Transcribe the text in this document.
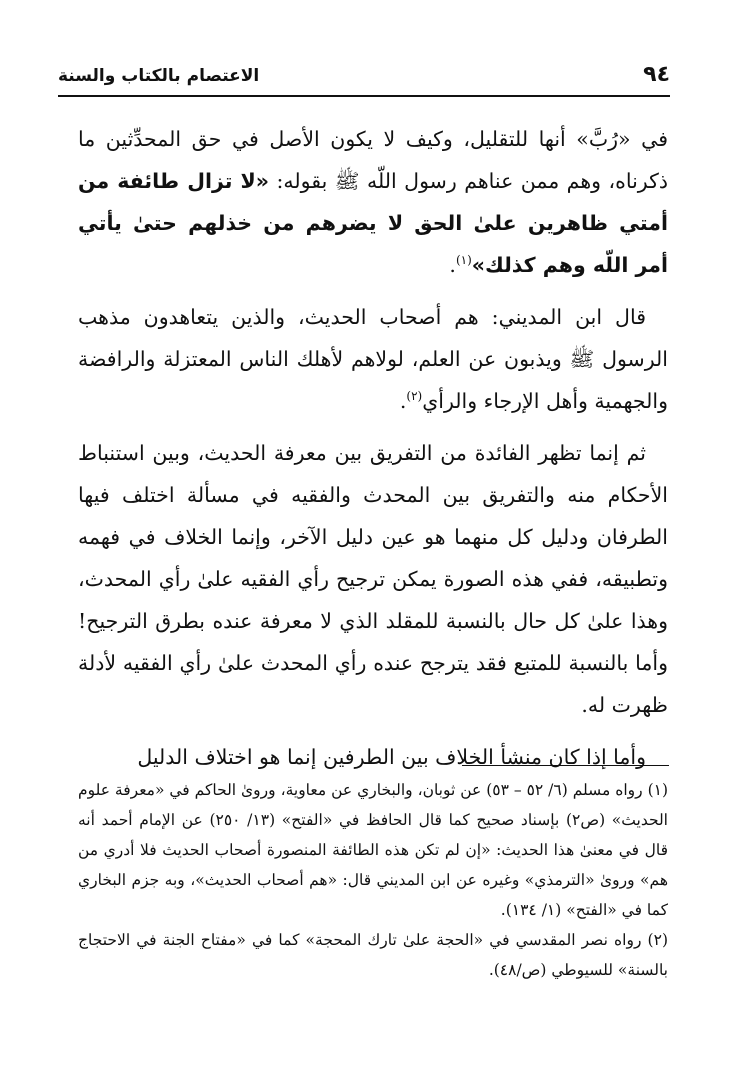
٩٤
الاعتصام بالكتاب والسنة

في «رُبَّ» أنها للتقليل، وكيف لا يكون الأصل في حق المحدِّثين ما ذكرناه، وهم ممن عناهم رسول اللّه ﷺ بقوله: «لا تزال طائفة من أمتي ظاهرين علىٰ الحق لا يضرهم من خذلهم حتىٰ يأتي أمر اللّه وهم كذلك»$^{(١)}$.

قال ابن المديني: هم أصحاب الحديث، والذين يتعاهدون مذهب الرسول ﷺ ويذبون عن العلم، لولاهم لأهلك الناس المعتزلة والرافضة والجهمية وأهل الإرجاء والرأي$^{(٢)}$.

ثم إنما تظهر الفائدة من التفريق بين معرفة الحديث، وبين استنباط الأحكام منه والتفريق بين المحدث والفقيه في مسألة اختلف فيها الطرفان ودليل كل منهما هو عين دليل الآخر، وإنما الخلاف في فهمه وتطبيقه، ففي هذه الصورة يمكن ترجيح رأي الفقيه علىٰ رأي المحدث، وهذا علىٰ كل حال بالنسبة للمقلد الذي لا معرفة عنده بطرق الترجيح! وأما بالنسبة للمتبع فقد يترجح عنده رأي المحدث علىٰ رأي الفقيه لأدلة ظهرت له.

وأما إذا كان منشأ الخلاف بين الطرفين إنما هو اختلاف الدليل

(١) رواه مسلم (٦/ ٥٢ – ٥٣) عن ثوبان، والبخاري عن معاوية، وروىٰ الحاكم في «معرفة علوم الحديث» (ص٢) بإسناد صحيح كما قال الحافظ في «الفتح» (١٣/ ٢٥٠) عن الإمام أحمد أنه قال في معنىٰ هذا الحديث: «إن لم تكن هذه الطائفة المنصورة أصحاب الحديث فلا أدري من هم» وروىٰ «الترمذي» وغيره عن ابن المديني قال: «هم أصحاب الحديث»، وبه جزم البخاري كما في «الفتح» (١/ ١٣٤).

(٢) رواه نصر المقدسي في «الحجة علىٰ تارك المحجة» كما في «مفتاح الجنة في الاحتجاج بالسنة» للسيوطي (ص/٤٨).
